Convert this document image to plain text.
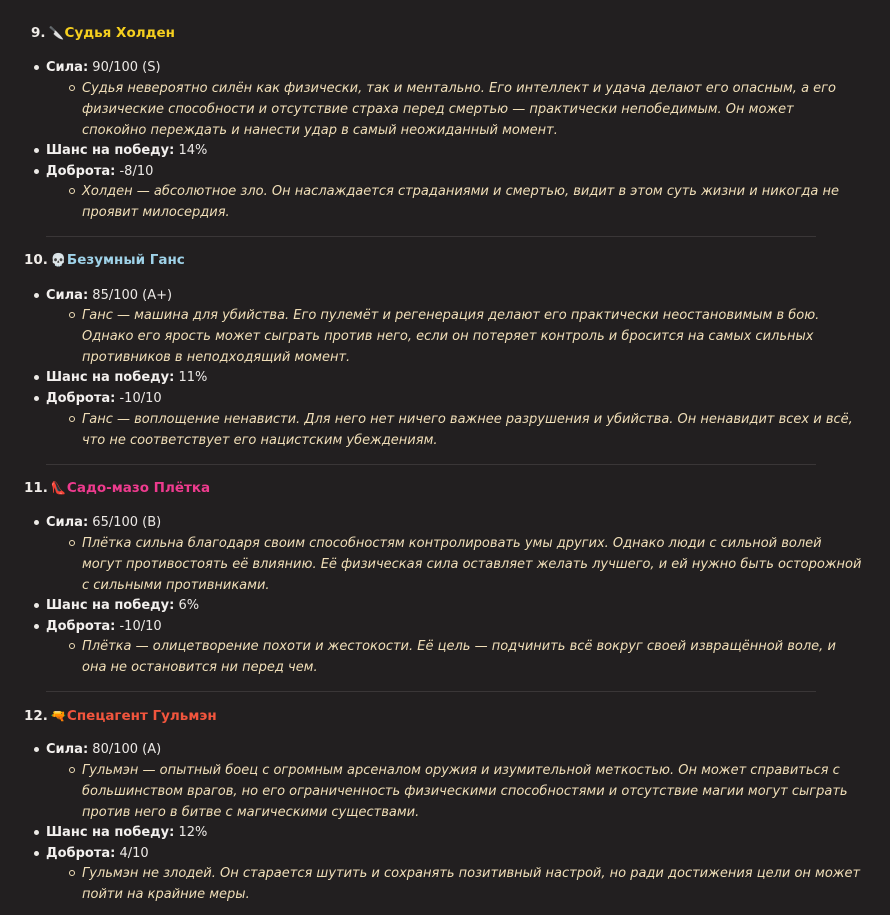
9. 🔪Судья Холден
Сила: 90/100 (S)
Судья невероятно силён как физически, так и ментально. Его интеллект и удача делают его опасным, а его физические способности и отсутствие страха перед смертью — практически непобедимым. Он может спокойно переждать и нанести удар в самый неожиданный момент.
Шанс на победу: 14%
Доброта: -8/10
Холден — абсолютное зло. Он наслаждается страданиями и смертью, видит в этом суть жизни и никогда не проявит милосердия.
10. 💀Безумный Ганс
Сила: 85/100 (A+)
Ганс — машина для убийства. Его пулемёт и регенерация делают его практически неостановимым в бою. Однако его ярость может сыграть против него, если он потеряет контроль и бросится на самых сильных противников в неподходящий момент.
Шанс на победу: 11%
Доброта: -10/10
Ганс — воплощение ненависти. Для него нет ничего важнее разрушения и убийства. Он ненавидит всех и всё, что не соответствует его нацистским убеждениям.
11. 👠Садо-мазо Плётка
Сила: 65/100 (B)
Плётка сильна благодаря своим способностям контролировать умы других. Однако люди с сильной волей могут противостоять её влиянию. Её физическая сила оставляет желать лучшего, и ей нужно быть осторожной с сильными противниками.
Шанс на победу: 6%
Доброта: -10/10
Плётка — олицетворение похоти и жестокости. Её цель — подчинить всё вокруг своей извращённой воле, и она не остановится ни перед чем.
12. 🔫Спецагент Гульмэн
Сила: 80/100 (A)
Гульмэн — опытный боец с огромным арсеналом оружия и изумительной меткостью. Он может справиться с большинством врагов, но его ограниченность физическими способностями и отсутствие магии могут сыграть против него в битве с магическими существами.
Шанс на победу: 12%
Доброта: 4/10
Гульмэн не злодей. Он старается шутить и сохранять позитивный настрой, но ради достижения цели он может пойти на крайние меры.
